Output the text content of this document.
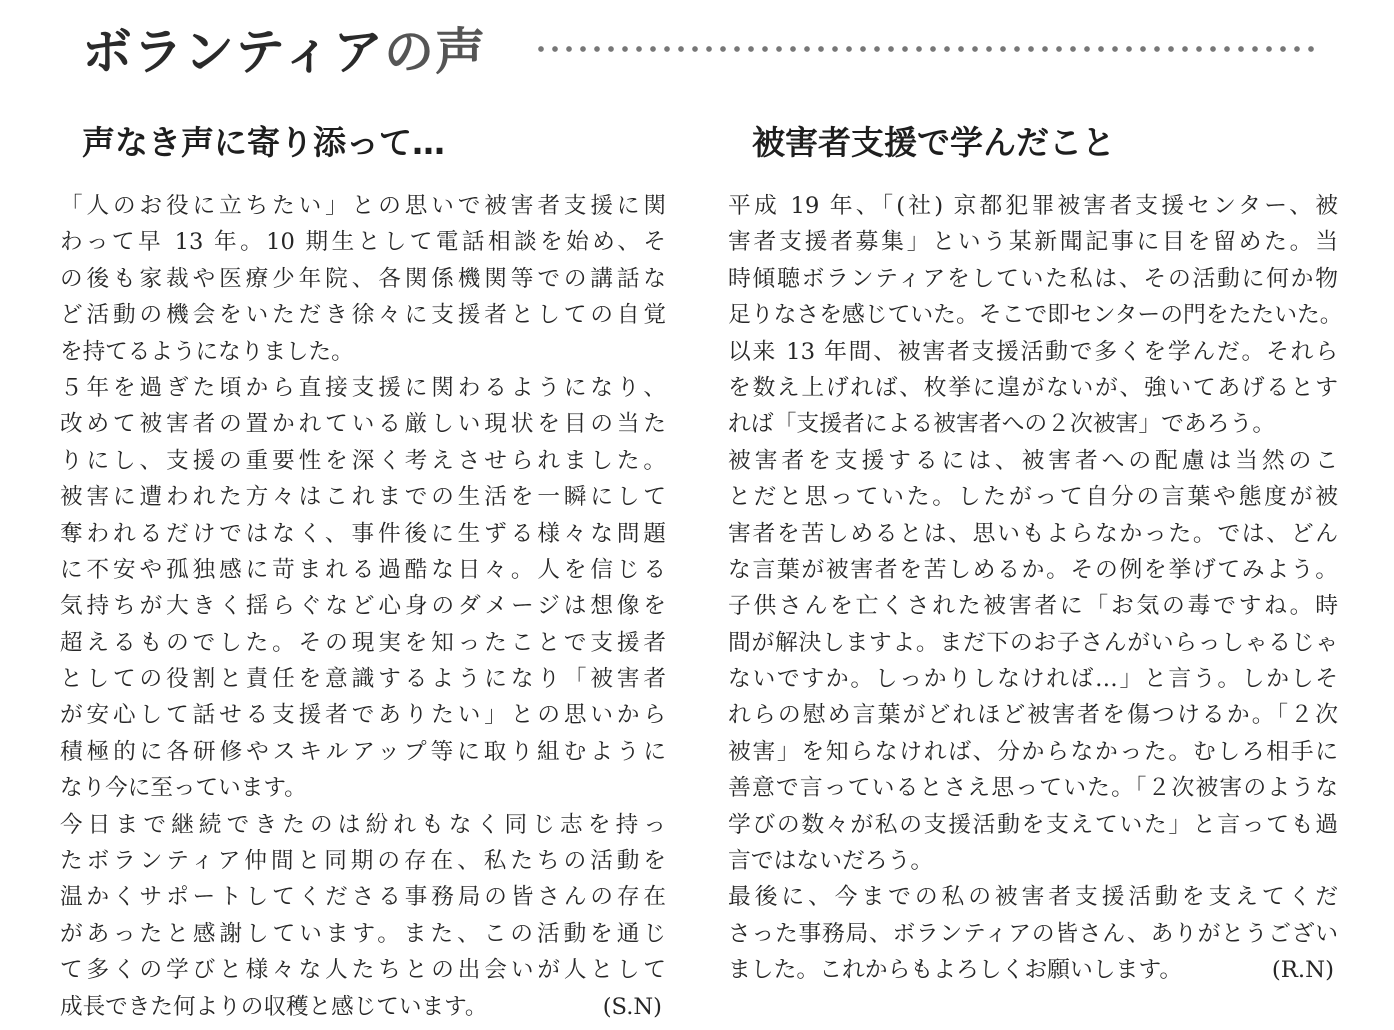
ボランティアの声
声なき声に寄り添って…
「人のお役に立ちたい」との思いで被害者支援に関
わって早 13 年。10 期生として電話相談を始め、そ
の後も家裁や医療少年院、各関係機関等での講話な
ど活動の機会をいただき徐々に支援者としての自覚
を持てるようになりました。
５年を過ぎた頃から直接支援に関わるようになり、
改めて被害者の置かれている厳しい現状を目の当た
りにし、支援の重要性を深く考えさせられました。
被害に遭われた方々はこれまでの生活を一瞬にして
奪われるだけではなく、事件後に生ずる様々な問題
に不安や孤独感に苛まれる過酷な日々。人を信じる
気持ちが大きく揺らぐなど心身のダメージは想像を
超えるものでした。その現実を知ったことで支援者
としての役割と責任を意識するようになり「被害者
が安心して話せる支援者でありたい」との思いから
積極的に各研修やスキルアップ等に取り組むように
なり今に至っています。
今日まで継続できたのは紛れもなく同じ志を持っ
たボランティア仲間と同期の存在、私たちの活動を
温かくサポートしてくださる事務局の皆さんの存在
があったと感謝しています。また、この活動を通じ
て多くの学びと様々な人たちとの出会いが人として
成長できた何よりの収穫と感じています。	(S.N)
被害者支援で学んだこと
平成 19 年、「(社) 京都犯罪被害者支援センター、被
害者支援者募集」という某新聞記事に目を留めた。当
時傾聴ボランティアをしていた私は、その活動に何か物
足りなさを感じていた。そこで即センターの門をたたいた。
以来 13 年間、被害者支援活動で多くを学んだ。それら
を数え上げれば、枚挙に遑がないが、強いてあげるとす
れば「支援者による被害者への２次被害」であろう。
被害者を支援するには、被害者への配慮は当然のこ
とだと思っていた。したがって自分の言葉や態度が被
害者を苦しめるとは、思いもよらなかった。では、どん
な言葉が被害者を苦しめるか。その例を挙げてみよう。
子供さんを亡くされた被害者に「お気の毒ですね。時
間が解決しますよ。まだ下のお子さんがいらっしゃるじゃ
ないですか。しっかりしなければ…」と言う。しかしそ
れらの慰め言葉がどれほど被害者を傷つけるか。「２次
被害」を知らなければ、分からなかった。むしろ相手に
善意で言っているとさえ思っていた。「２次被害のような
学びの数々が私の支援活動を支えていた」と言っても過
言ではないだろう。
最後に、今までの私の被害者支援活動を支えてくだ
さった事務局、ボランティアの皆さん、ありがとうござい
ました。これからもよろしくお願いします。	(R.N)
